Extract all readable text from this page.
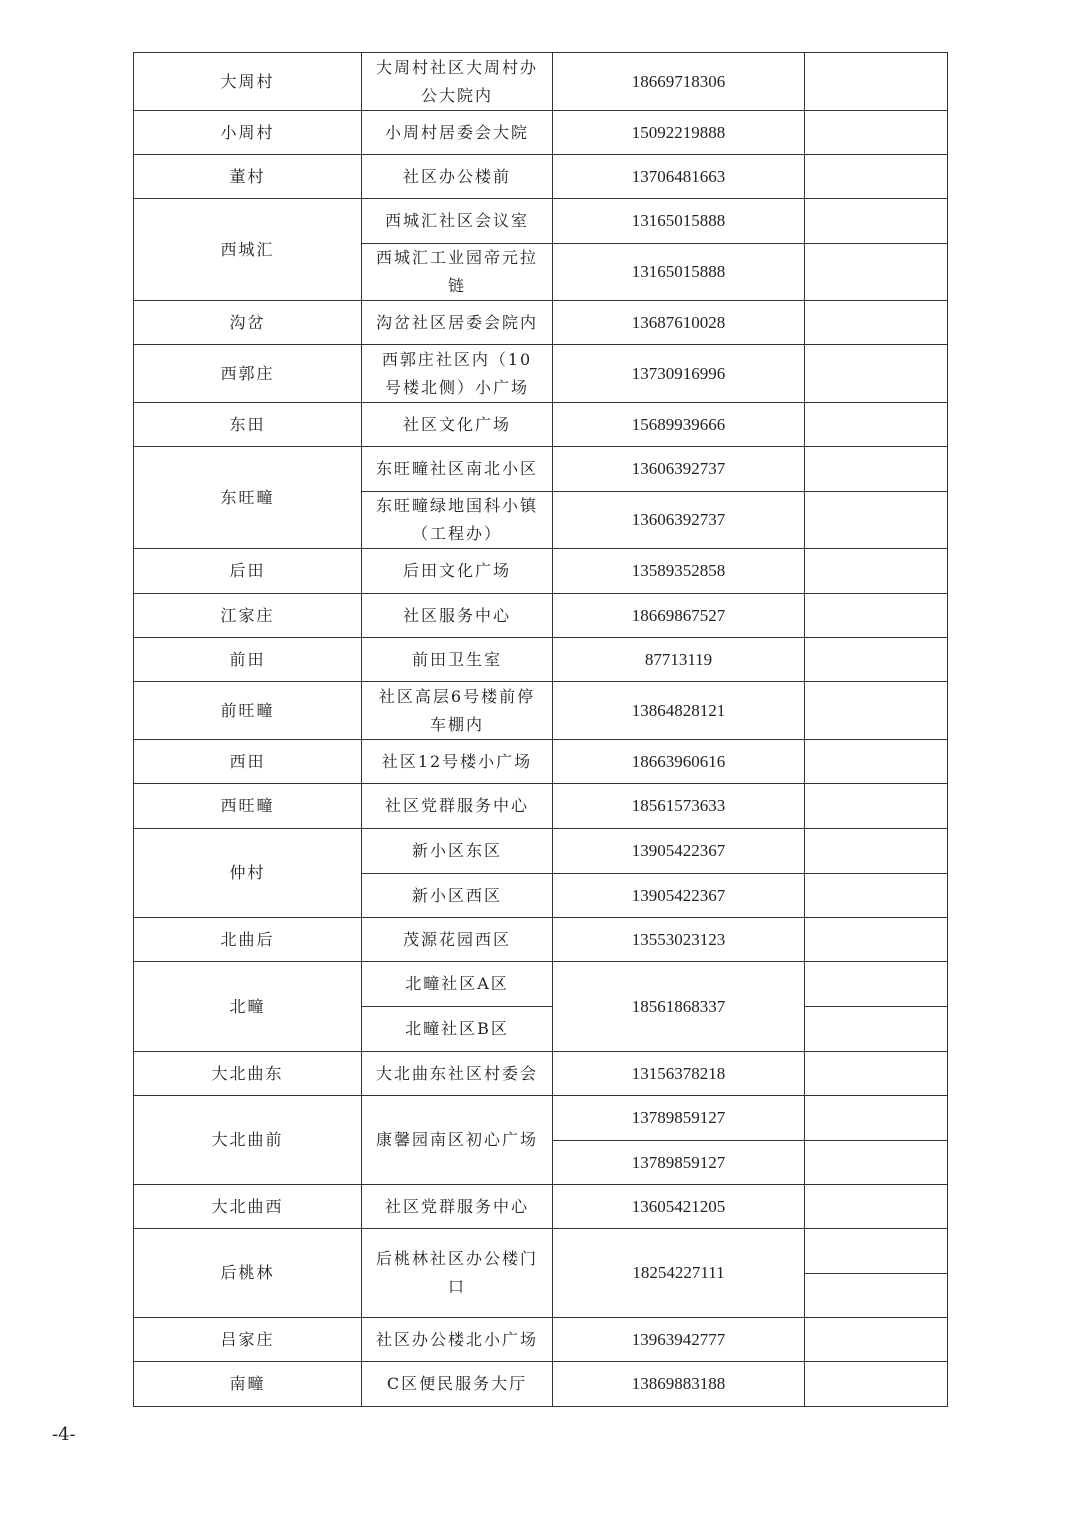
大周村	大周村社区大周村办公大院内	18669718306	
小周村	小周村居委会大院	15092219888	
董村	社区办公楼前	13706481663	
西城汇	西城汇社区会议室	13165015888	
	西城汇工业园帝元拉链	13165015888	
沟岔	沟岔社区居委会院内	13687610028	
西郭庄	西郭庄社区内（10号楼北侧）小广场	13730916996	
东田	社区文化广场	15689939666	
东旺疃	东旺疃社区南北小区	13606392737	
	东旺疃绿地国科小镇（工程办）	13606392737	
后田	后田文化广场	13589352858	
江家庄	社区服务中心	18669867527	
前田	前田卫生室	87713119	
前旺疃	社区高层6号楼前停车棚内	13864828121	
西田	社区12号楼小广场	18663960616	
西旺疃	社区党群服务中心	18561573633	
仲村	新小区东区	13905422367	
	新小区西区	13905422367	
北曲后	茂源花园西区	13553023123	
北疃	北疃社区A区	18561868337	
	北疃社区B区		
大北曲东	大北曲东社区村委会	13156378218	
大北曲前	康馨园南区初心广场	13789859127	
		13789859127	
大北曲西	社区党群服务中心	13605421205	
后桃林	后桃林社区办公楼门口	18254227111	

吕家庄	社区办公楼北小广场	13963942777	
南疃	C区便民服务大厅	13869883188	
-4-
